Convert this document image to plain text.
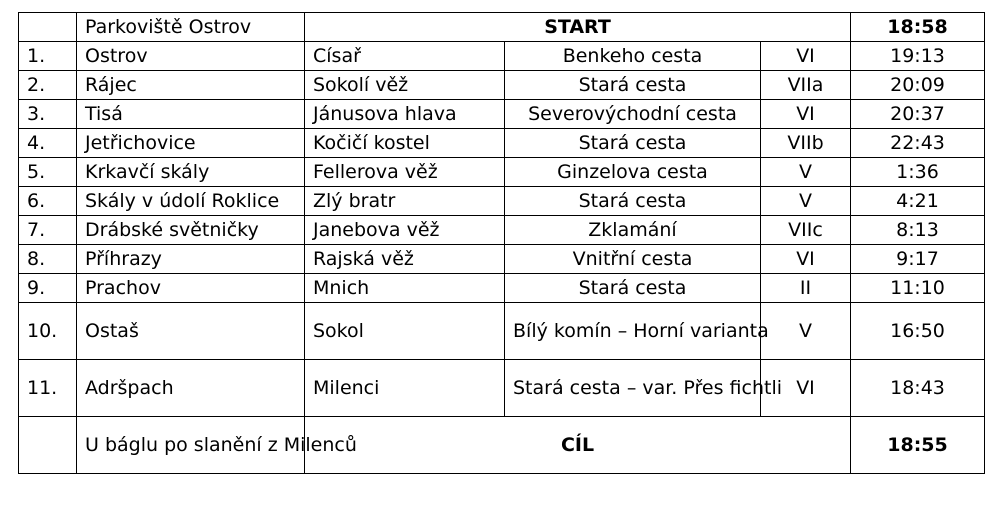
	Parkoviště Ostrov	START			18:58
1.	Ostrov	Císař	Benkeho cesta	VI	19:13
2.	Rájec	Sokolí věž	Stará cesta	VIIa	20:09
3.	Tisá	Jánusova hlava	Severovýchodní cesta	VI	20:37
4.	Jetřichovice	Kočičí kostel	Stará cesta	VIIb	22:43
5.	Krkavčí skály	Fellerova věž	Ginzelova cesta	V	1:36
6.	Skály v údolí Roklice	Zlý bratr	Stará cesta	V	4:21
7.	Drábské světničky	Janebova věž	Zklamání	VIIc	8:13
8.	Příhrazy	Rajská věž	Vnitřní cesta	VI	9:17
9.	Prachov	Mnich	Stará cesta	II	11:10
10.	Ostaš	Sokol	Bílý komín – Horní varianta	V	16:50
11.	Adršpach	Milenci	Stará cesta – var. Přes fichtli	VI	18:43
	U báglu po slanění z Milenců	CÍL			18:55
